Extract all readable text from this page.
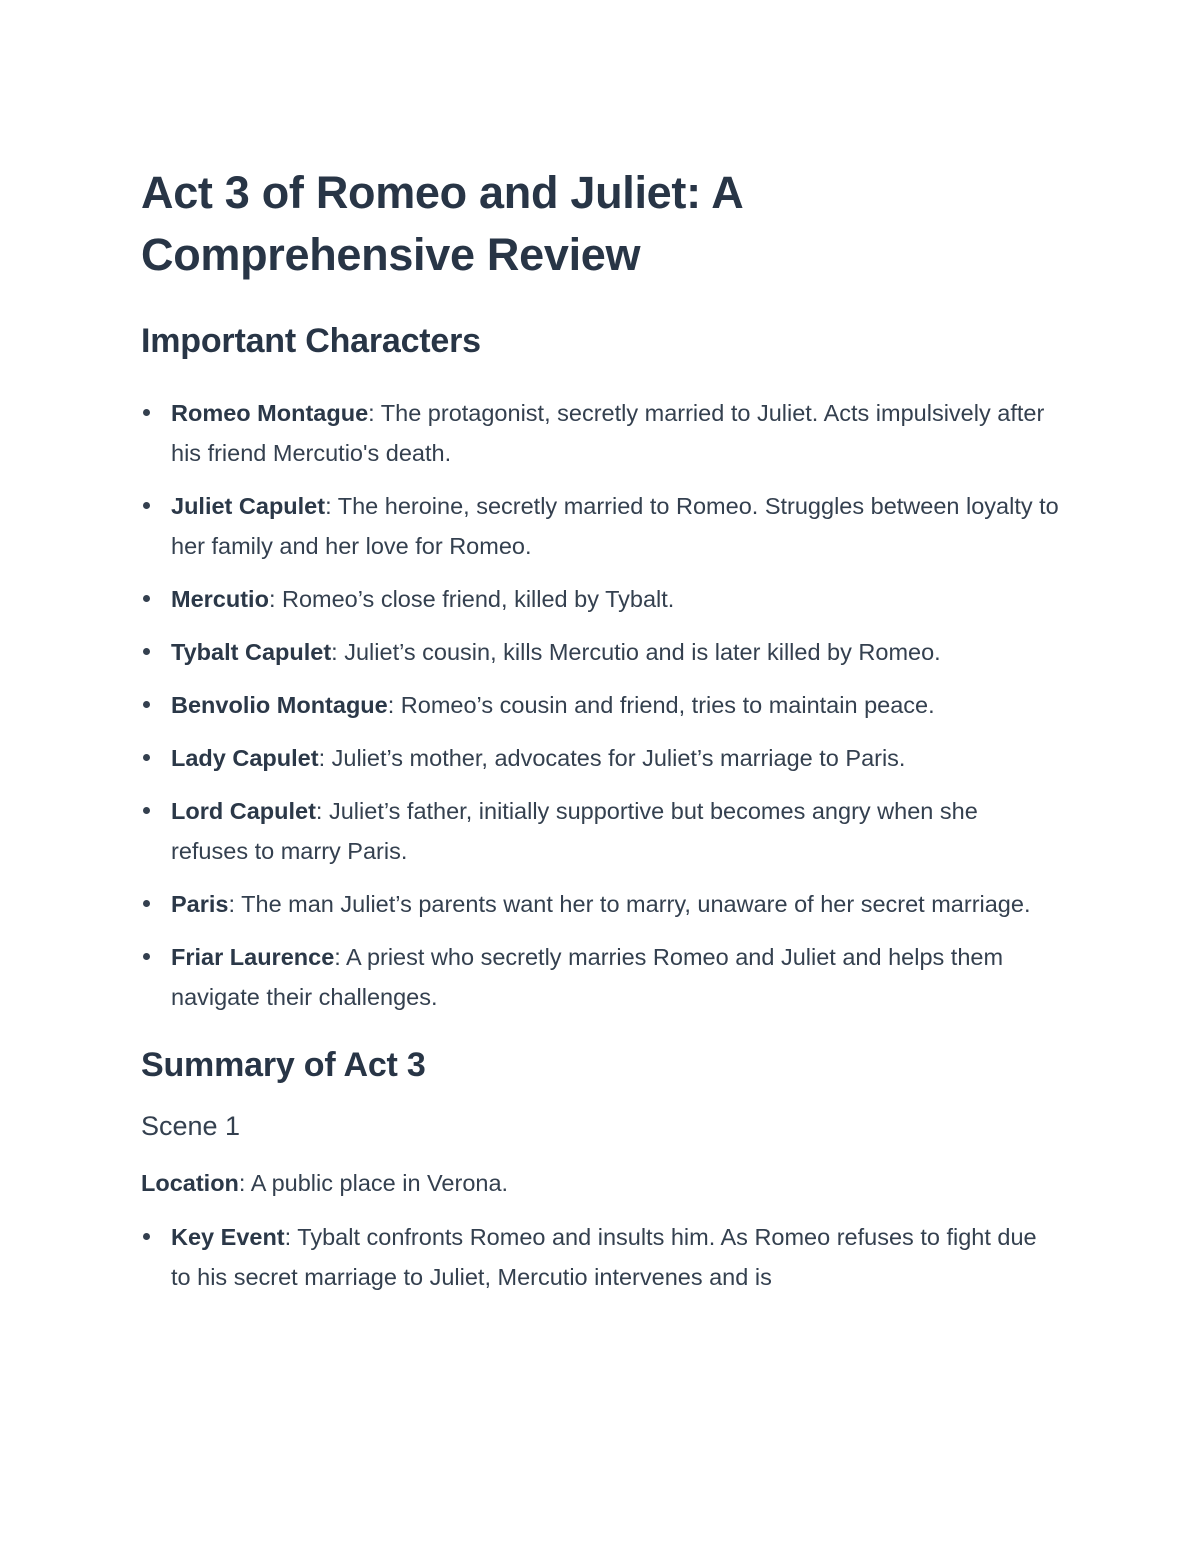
Act 3 of Romeo and Juliet: A Comprehensive Review
Important Characters
Romeo Montague: The protagonist, secretly married to Juliet. Acts impulsively after his friend Mercutio's death.
Juliet Capulet: The heroine, secretly married to Romeo. Struggles between loyalty to her family and her love for Romeo.
Mercutio: Romeo’s close friend, killed by Tybalt.
Tybalt Capulet: Juliet’s cousin, kills Mercutio and is later killed by Romeo.
Benvolio Montague: Romeo’s cousin and friend, tries to maintain peace.
Lady Capulet: Juliet’s mother, advocates for Juliet’s marriage to Paris.
Lord Capulet: Juliet’s father, initially supportive but becomes angry when she refuses to marry Paris.
Paris: The man Juliet’s parents want her to marry, unaware of her secret marriage.
Friar Laurence: A priest who secretly marries Romeo and Juliet and helps them navigate their challenges.
Summary of Act 3
Scene 1

Location: A public place in Verona.

Key Event: Tybalt confronts Romeo and insults him. As Romeo refuses to fight due to his secret marriage to Juliet, Mercutio intervenes and is
